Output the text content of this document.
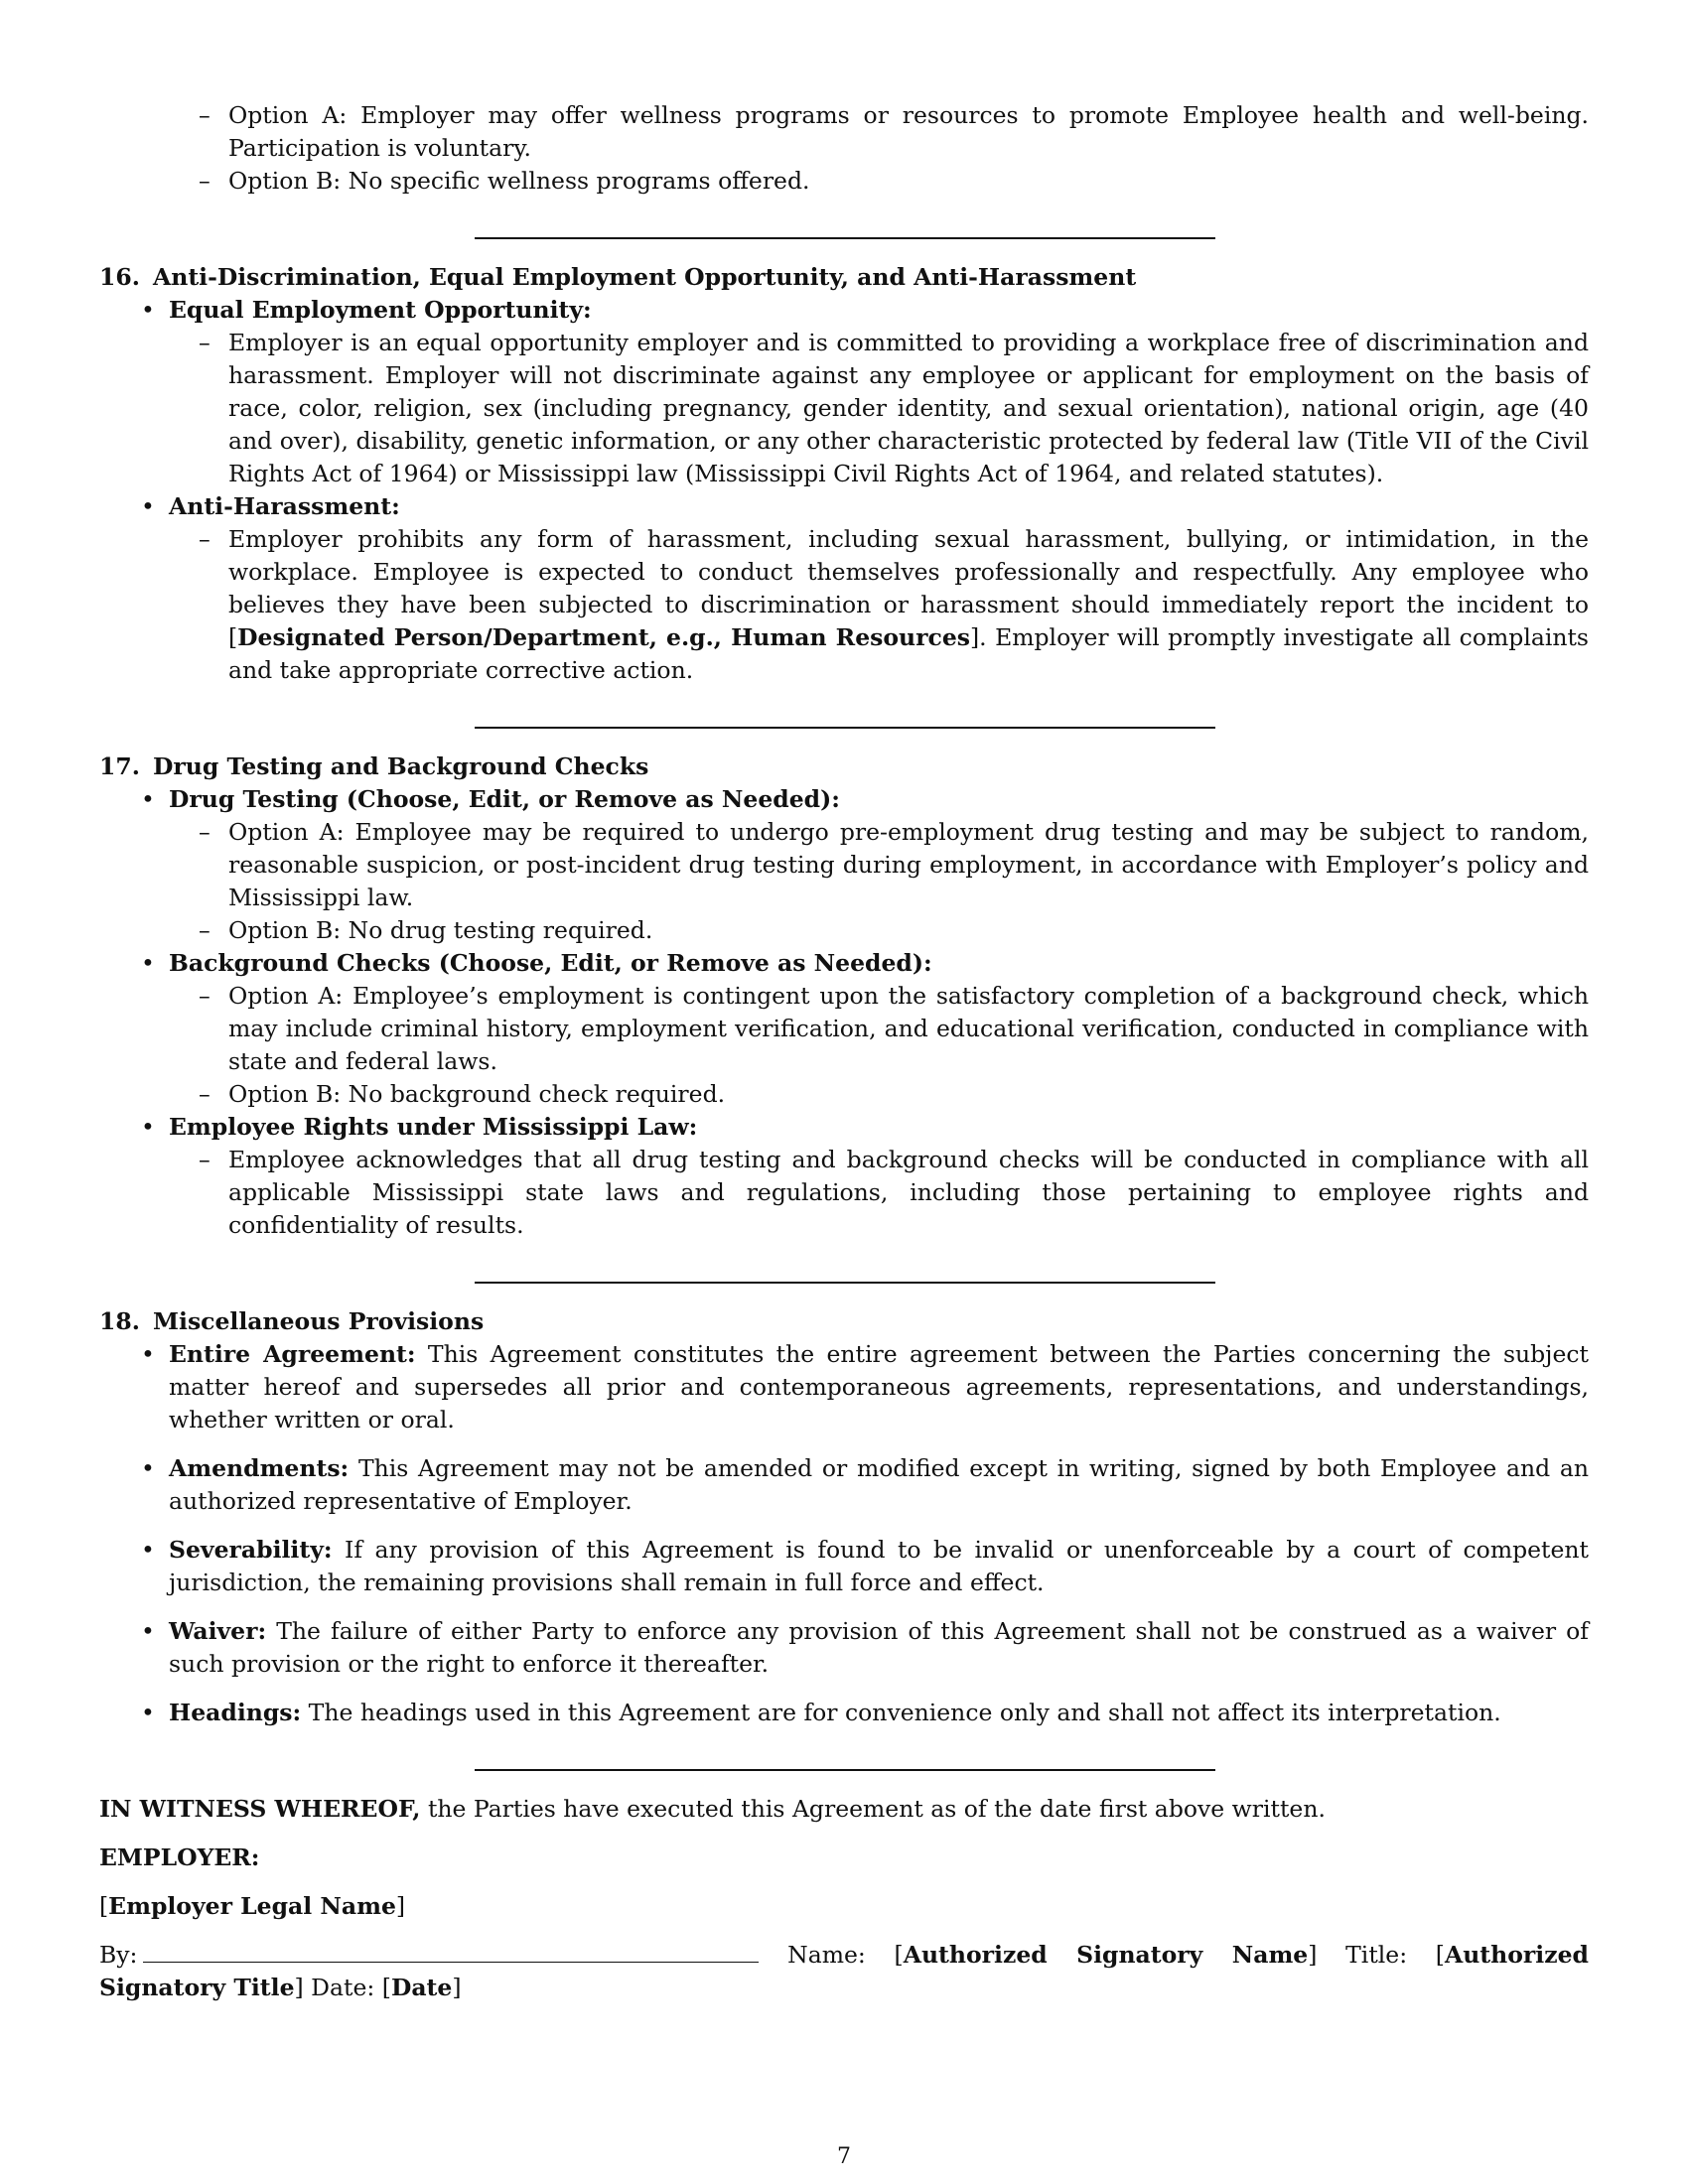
– Option A: Employer may offer wellness programs or resources to promote Employee health and well-being. Participation is voluntary.
– Option B: No specific wellness programs offered.
16. Anti-Discrimination, Equal Employment Opportunity, and Anti-Harassment
• Equal Employment Opportunity:
– Employer is an equal opportunity employer and is committed to providing a workplace free of discrimination and harassment. Employer will not discriminate against any employee or applicant for employment on the basis of race, color, religion, sex (including pregnancy, gender identity, and sexual orientation), national origin, age (40 and over), disability, genetic information, or any other characteristic protected by federal law (Title VII of the Civil Rights Act of 1964) or Mississippi law (Mississippi Civil Rights Act of 1964, and related statutes).
• Anti-Harassment:
– Employer prohibits any form of harassment, including sexual harassment, bullying, or intimidation, in the workplace. Employee is expected to conduct themselves professionally and respectfully. Any employee who believes they have been subjected to discrimination or harassment should immediately report the incident to [Designated Person/Department, e.g., Human Resources]. Employer will promptly investigate all complaints and take appropriate corrective action.
17. Drug Testing and Background Checks
• Drug Testing (Choose, Edit, or Remove as Needed):
– Option A: Employee may be required to undergo pre-employment drug testing and may be subject to random, reasonable suspicion, or post-incident drug testing during employment, in accordance with Employer’s policy and Mississippi law.
– Option B: No drug testing required.
• Background Checks (Choose, Edit, or Remove as Needed):
– Option A: Employee’s employment is contingent upon the satisfactory completion of a background check, which may include criminal history, employment verification, and educational verification, conducted in compliance with state and federal laws.
– Option B: No background check required.
• Employee Rights under Mississippi Law:
– Employee acknowledges that all drug testing and background checks will be conducted in compliance with all applicable Mississippi state laws and regulations, including those pertaining to employee rights and confidentiality of results.
18. Miscellaneous Provisions
• Entire Agreement: This Agreement constitutes the entire agreement between the Parties concerning the subject matter hereof and supersedes all prior and contemporaneous agreements, representations, and understandings, whether written or oral.
• Amendments: This Agreement may not be amended or modified except in writing, signed by both Employee and an authorized representative of Employer.
• Severability: If any provision of this Agreement is found to be invalid or unenforceable by a court of competent jurisdiction, the remaining provisions shall remain in full force and effect.
• Waiver: The failure of either Party to enforce any provision of this Agreement shall not be construed as a waiver of such provision or the right to enforce it thereafter.
• Headings: The headings used in this Agreement are for convenience only and shall not affect its interpretation.
IN WITNESS WHEREOF, the Parties have executed this Agreement as of the date first above written.
EMPLOYER:
[Employer Legal Name]
By:	Name: [Authorized Signatory Name] Title: [Authorized Signatory Title] Date: [Date]
7
